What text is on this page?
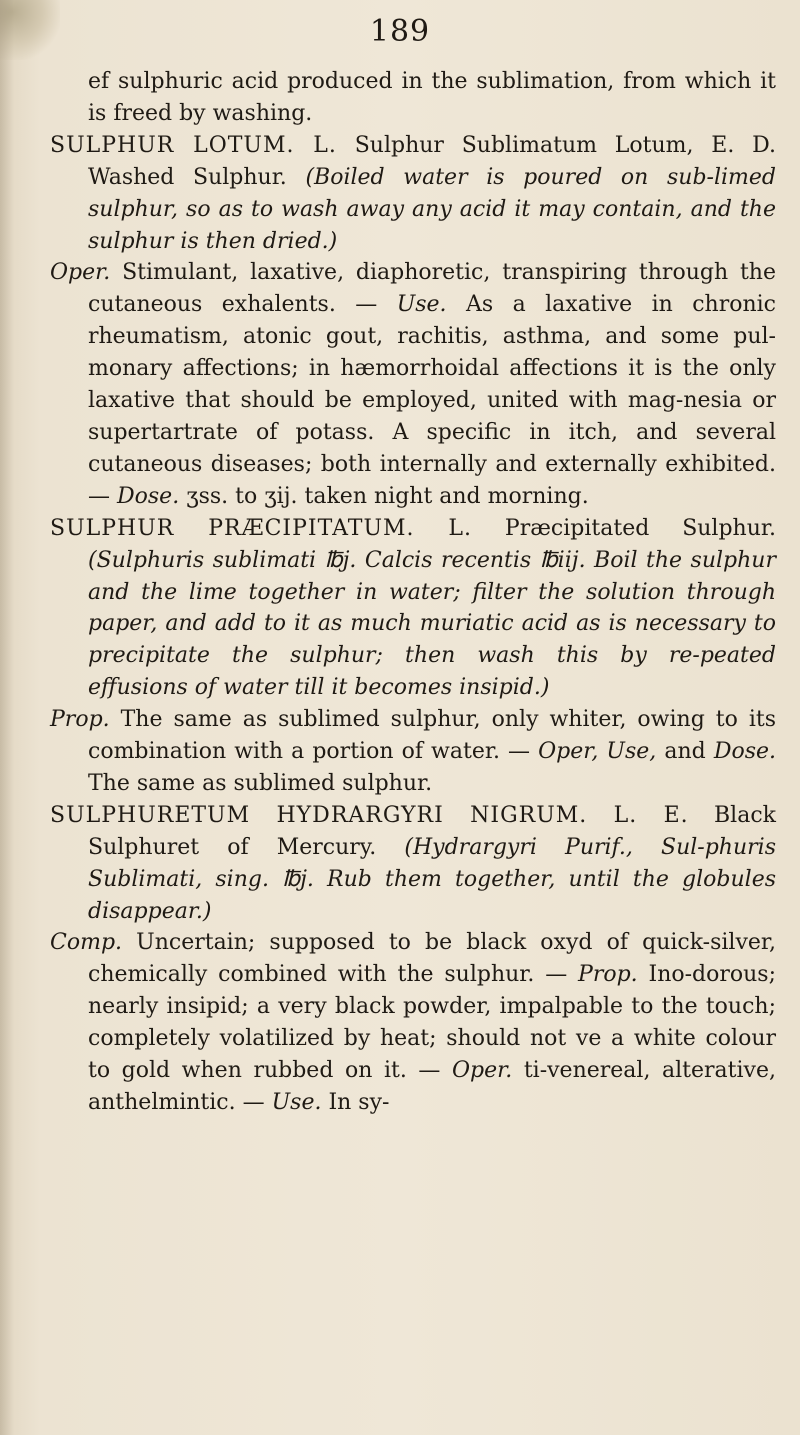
189

ef sulphuric acid produced in the sublimation, from which it is freed by washing.

SULPHUR LOTUM. L. Sulphur Sublimatum Lotum, E. D. Washed Sulphur. (Boiled water is poured on sub-limed sulphur, so as to wash away any acid it may contain, and the sulphur is then dried.)

Oper. Stimulant, laxative, diaphoretic, transpiring through the cutaneous exhalents. — Use. As a laxative in chronic rheumatism, atonic gout, rachitis, asthma, and some pul-monary affections; in hæmorrhoidal affections it is the only laxative that should be employed, united with mag-nesia or supertartrate of potass. A specific in itch, and several cutaneous diseases; both internally and externally exhibited. — Dose. ʒss. to ʒij. taken night and morning.

SULPHUR PRÆCIPITATUM. L. Præcipitated Sulphur. (Sulphuris sublimati ℔j. Calcis recentis ℔iij. Boil the sulphur and the lime together in water; filter the solution through paper, and add to it as much muriatic acid as is necessary to precipitate the sulphur; then wash this by re-peated effusions of water till it becomes insipid.)

Prop. The same as sublimed sulphur, only whiter, owing to its combination with a portion of water. — Oper, Use, and Dose. The same as sublimed sulphur.

SULPHURETUM HYDRARGYRI NIGRUM. L. E. Black Sulphuret of Mercury. (Hydrargyri Purif., Sul-phuris Sublimati, sing. ℔j. Rub them together, until the globules disappear.)

Comp. Uncertain; supposed to be black oxyd of quick-silver, chemically combined with the sulphur. — Prop. Ino-dorous; nearly insipid; a very black powder, impalpable to the touch; completely volatilized by heat; should not ve a white colour to gold when rubbed on it. — Oper. ti-venereal, alterative, anthelmintic. — Use. In sy-
